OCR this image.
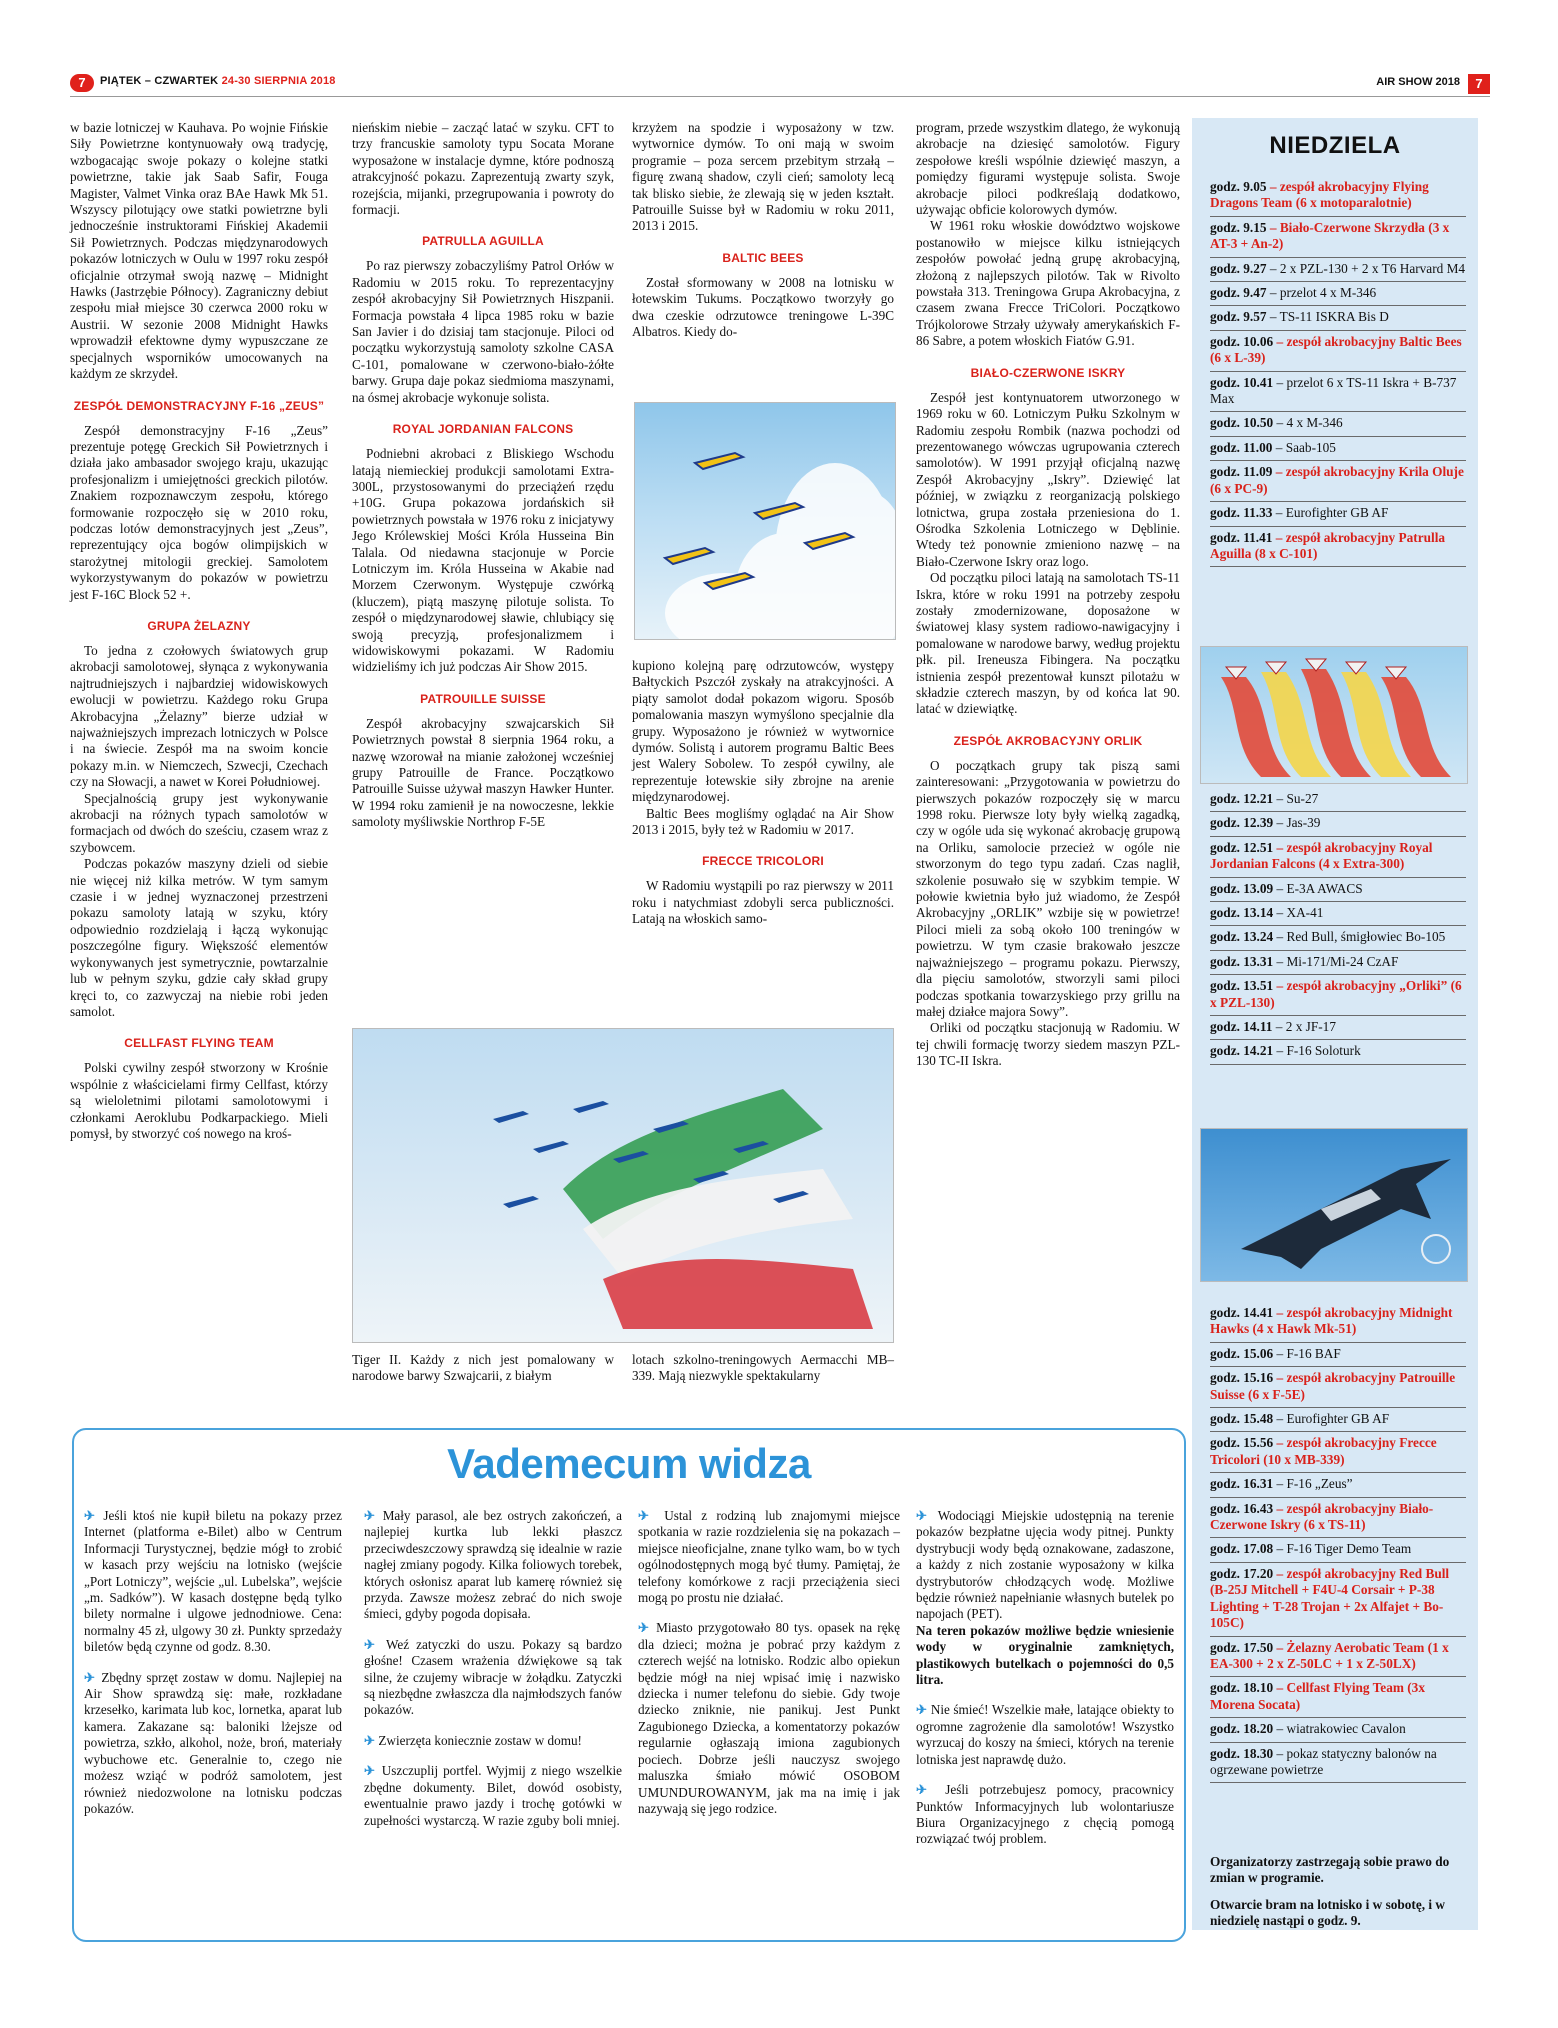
7	PIĄTEK – CZWARTEK 24-30 SIERPNIA 2018	AIR SHOW 2018	7

w bazie lotniczej w Kauhava. Po wojnie Fińskie Siły Powietrzne kontynuowały ową tradycję, wzbogacając swoje pokazy o kolejne statki powietrzne, takie jak Saab Safir, Fouga Magister, Valmet Vinka oraz BAe Hawk Mk 51. Wszyscy pilotujący owe statki powietrzne byli jednocześnie instruktorami Fińskiej Akademii Sił Powietrznych. Podczas międzynarodowych pokazów lotniczych w Oulu w 1997 roku zespół oficjalnie otrzymał swoją nazwę – Midnight Hawks (Jastrzębie Północy). Zagraniczny debiut zespołu miał miejsce 30 czerwca 2000 roku w Austrii. W sezonie 2008 Midnight Hawks wprowadził efektowne dymy wypuszczane ze specjalnych wsporników umocowanych na każdym ze skrzydeł.

ZESPÓŁ DEMONSTRACYJNY F-16 „ZEUS”

Zespół demonstracyjny F-16 „Zeus” prezentuje potęgę Greckich Sił Powietrznych i działa jako ambasador swojego kraju, ukazując profesjonalizm i umiejętności greckich pilotów. Znakiem rozpoznawczym zespołu, którego formowanie rozpoczęło się w 2010 roku, podczas lotów demonstracyjnych jest „Zeus”, reprezentujący ojca bogów olimpijskich w starożytnej mitologii greckiej. Samolotem wykorzystywanym do pokazów w powietrzu jest F-16C Block 52 +.

GRUPA ŻELAZNY

To jedna z czołowych światowych grup akrobacji samolotowej, słynąca z wykonywania najtrudniejszych i najbardziej widowiskowych ewolucji w powietrzu. Każdego roku Grupa Akrobacyjna „Żelazny” bierze udział w najważniejszych imprezach lotniczych w Polsce i na świecie. Zespół ma na swoim koncie pokazy m.in. w Niemczech, Szwecji, Czechach czy na Słowacji, a nawet w Korei Południowej.

Specjalnością grupy jest wykonywanie akrobacji na różnych typach samolotów w formacjach od dwóch do sześciu, czasem wraz z szybowcem.

Podczas pokazów maszyny dzieli od siebie nie więcej niż kilka metrów. W tym samym czasie i w jednej wyznaczonej przestrzeni pokazu samoloty latają w szyku, który odpowiednio rozdzielają i łączą wykonując poszczególne figury. Większość elementów wykonywanych jest symetrycznie, powtarzalnie lub w pełnym szyku, gdzie cały skład grupy kręci to, co zazwyczaj na niebie robi jeden samolot.

CELLFAST FLYING TEAM

Polski cywilny zespół stworzony w Krośnie wspólnie z właścicielami firmy Cellfast, którzy są wieloletnimi pilotami samolotowymi i członkami Aeroklubu Podkarpackiego. Mieli pomysł, by stworzyć coś nowego na kroś-

nieńskim niebie – zacząć latać w szyku. CFT to trzy francuskie samoloty typu Socata Morane wyposażone w instalacje dymne, które podnoszą atrakcyjność pokazu. Zaprezentują zwarty szyk, rozejścia, mijanki, przegrupowania i powroty do formacji.

PATRULLA AGUILLA

Po raz pierwszy zobaczyliśmy Patrol Orłów w Radomiu w 2015 roku. To reprezentacyjny zespół akrobacyjny Sił Powietrznych Hiszpanii. Formacja powstała 4 lipca 1985 roku w bazie San Javier i do dzisiaj tam stacjonuje. Piloci od początku wykorzystują samoloty szkolne CASA C-101, pomalowane w czerwono-biało-żółte barwy. Grupa daje pokaz siedmioma maszynami, na ósmej akrobacje wykonuje solista.

ROYAL JORDANIAN FALCONS

Podniebni akrobaci z Bliskiego Wschodu latają niemieckiej produkcji samolotami Extra-300L, przystosowanymi do przeciążeń rzędu +10G. Grupa pokazowa jordańskich sił powietrznych powstała w 1976 roku z inicjatywy Jego Królewskiej Mości Króla Husseina Bin Talala. Od niedawna stacjonuje w Porcie Lotniczym im. Króla Husseina w Akabie nad Morzem Czerwonym. Występuje czwórką (kluczem), piątą maszynę pilotuje solista. To zespół o międzynarodowej sławie, chlubiący się swoją precyzją, profesjonalizmem i widowiskowymi pokazami. W Radomiu widzieliśmy ich już podczas Air Show 2015.

PATROUILLE SUISSE

Zespół akrobacyjny szwajcarskich Sił Powietrznych powstał 8 sierpnia 1964 roku, a nazwę wzorował na mianie założonej wcześniej grupy Patrouille de France. Początkowo Patrouille Suisse używał maszyn Hawker Hunter. W 1994 roku zamienił je na nowoczesne, lekkie samoloty myśliwskie Northrop F-5E

krzyżem na spodzie i wyposażony w tzw. wytwornice dymów. To oni mają w swoim programie – poza sercem przebitym strzałą – figurę zwaną shadow, czyli cień; samoloty lecą tak blisko siebie, że zlewają się w jeden kształt. Patrouille Suisse był w Radomiu w roku 2011, 2013 i 2015.

BALTIC BEES

Został sformowany w 2008 na lotnisku w łotewskim Tukums. Początkowo tworzyły go dwa czeskie odrzutowce treningowe L-39C Albatros. Kiedy do-

kupiono kolejną parę odrzutowców, występy Bałtyckich Pszczół zyskały na atrakcyjności. A piąty samolot dodał pokazom wigoru. Sposób pomalowania maszyn wymyślono specjalnie dla grupy. Wyposażono je również w wytwornice dymów. Solistą i autorem programu Baltic Bees jest Walery Sobolew. To zespół cywilny, ale reprezentuje łotewskie siły zbrojne na arenie międzynarodowej.

Baltic Bees mogliśmy oglądać na Air Show 2013 i 2015, były też w Radomiu w 2017.

FRECCE TRICOLORI

W Radomiu wystąpili po raz pierwszy w 2011 roku i natychmiast zdobyli serca publiczności. Latają na włoskich samo-

program, przede wszystkim dlatego, że wykonują akrobacje na dziesięć samolotów. Figury zespołowe kreśli wspólnie dziewięć maszyn, a pomiędzy figurami występuje solista. Swoje akrobacje piloci podkreślają dodatkowo, używając obficie kolorowych dymów.

W 1961 roku włoskie dowództwo wojskowe postanowiło w miejsce kilku istniejących zespołów powołać jedną grupę akrobacyjną, złożoną z najlepszych pilotów. Tak w Rivolto powstała 313. Treningowa Grupa Akrobacyjna, z czasem zwana Frecce TriColori. Początkowo Trójkolorowe Strzały używały amerykańskich F-86 Sabre, a potem włoskich Fiatów G.91.

BIAŁO-CZERWONE ISKRY

Zespół jest kontynuatorem utworzonego w 1969 roku w 60. Lotniczym Pułku Szkolnym w Radomiu zespołu Rombik (nazwa pochodzi od prezentowanego wówczas ugrupowania czterech samolotów). W 1991 przyjął oficjalną nazwę Zespół Akrobacyjny „Iskry”. Dziewięć lat później, w związku z reorganizacją polskiego lotnictwa, grupa została przeniesiona do 1. Ośrodka Szkolenia Lotniczego w Dęblinie. Wtedy też ponownie zmieniono nazwę – na Biało-Czerwone Iskry oraz logo.

Od początku piloci latają na samolotach TS-11 Iskra, które w roku 1991 na potrzeby zespołu zostały zmodernizowane, doposażone w światowej klasy system radiowo-nawigacyjny i pomalowane w narodowe barwy, według projektu płk. pil. Ireneusza Fibingera. Na początku istnienia zespół prezentował kunszt pilotażu w składzie czterech maszyn, by od końca lat 90. latać w dziewiątkę.

ZESPÓŁ AKROBACYJNY ORLIK

O początkach grupy tak piszą sami zainteresowani: „Przygotowania w powietrzu do pierwszych pokazów rozpoczęły się w marcu 1998 roku. Pierwsze loty były wielką zagadką, czy w ogóle uda się wykonać akrobację grupową na Orliku, samolocie przecież w ogóle nie stworzonym do tego typu zadań. Czas naglił, szkolenie posuwało się w szybkim tempie. W połowie kwietnia było już wiadomo, że Zespół Akrobacyjny „ORLIK” wzbije się w powietrze! Piloci mieli za sobą około 100 treningów w powietrzu. W tym czasie brakowało jeszcze najważniejszego – programu pokazu. Pierwszy, dla pięciu samolotów, stworzyli sami piloci podczas spotkania towarzyskiego przy grillu na małej działce majora Sowy”.

Orliki od początku stacjonują w Radomiu. W tej chwili formację tworzy siedem maszyn PZL-130 TC-II Iskra.

Tiger II. Każdy z nich jest pomalowany w narodowe barwy Szwajcarii, z białym

lotach szkolno-treningowych Aermacchi MB–339. Mają niezwykle spektakularny

NIEDZIELA
godz. 9.05 – zespół akrobacyjny Flying Dragons Team (6 x motoparalotnie)
godz. 9.15 – Biało-Czerwone Skrzydła (3 x AT-3 + An-2)
godz. 9.27 – 2 x PZL-130 + 2 x T6 Harvard M4
godz. 9.47 – przelot 4 x M-346
godz. 9.57 – TS-11 ISKRA Bis D
godz. 10.06 – zespół akrobacyjny Baltic Bees (6 x L-39)
godz. 10.41 – przelot 6 x TS-11 Iskra + B-737 Max
godz. 10.50 – 4 x M-346
godz. 11.00 – Saab-105
godz. 11.09 – zespół akrobacyjny Krila Oluje (6 x PC-9)
godz. 11.33 – Eurofighter GB AF
godz. 11.41 – zespół akrobacyjny Patrulla Aguilla (8 x C-101)
godz. 12.21 – Su-27
godz. 12.39 – Jas-39
godz. 12.51 – zespół akrobacyjny Royal Jordanian Falcons (4 x Extra-300)
godz. 13.09 – E-3A AWACS
godz. 13.14 – XA-41
godz. 13.24 – Red Bull, śmigłowiec Bo-105
godz. 13.31 – Mi-171/Mi-24 CzAF
godz. 13.51 – zespół akrobacyjny „Orliki” (6 x PZL-130)
godz. 14.11 – 2 x JF-17
godz. 14.21 – F-16 Soloturk
godz. 14.41 – zespół akrobacyjny Midnight Hawks (4 x Hawk Mk-51)
godz. 15.06 – F-16 BAF
godz. 15.16 – zespół akrobacyjny Patrouille Suisse (6 x F-5E)
godz. 15.48 – Eurofighter GB AF
godz. 15.56 – zespół akrobacyjny Frecce Tricolori (10 x MB-339)
godz. 16.31 – F-16 „Zeus”
godz. 16.43 – zespół akrobacyjny Biało-Czerwone Iskry (6 x TS-11)
godz. 17.08 – F-16 Tiger Demo Team
godz. 17.20 – zespół akrobacyjny Red Bull (B-25J Mitchell + F4U-4 Corsair + P-38 Lighting + T-28 Trojan + 2x Alfajet + Bo-105C)
godz. 17.50 – Żelazny Aerobatic Team (1 x EA-300 + 2 x Z-50LC + 1 x Z-50LX)
godz. 18.10 – Cellfast Flying Team (3x Morena Socata)
godz. 18.20 – wiatrakowiec Cavalon
godz. 18.30 – pokaz statyczny balonów na ogrzewane powietrze
Organizatorzy zastrzegają sobie prawo do zmian w programie.
Otwarcie bram na lotnisko i w sobotę, i w niedzielę nastąpi o godz. 9.
Vademecum widza

✈ Jeśli ktoś nie kupił biletu na pokazy przez Internet (platforma e-Bilet) albo w Centrum Informacji Turystycznej, będzie mógł to zrobić w kasach przy wejściu na lotnisko (wejście „Port Lotniczy”, wejście „ul. Lubelska”, wejście „m. Sadków”). W kasach dostępne będą tylko bilety normalne i ulgowe jednodniowe. Cena: normalny 45 zł, ulgowy 30 zł. Punkty sprzedaży biletów będą czynne od godz. 8.30.

✈ Zbędny sprzęt zostaw w domu. Najlepiej na Air Show sprawdzą się: małe, rozkładane krzesełko, karimata lub koc, lornetka, aparat lub kamera. Zakazane są: baloniki lżejsze od powietrza, szkło, alkohol, noże, broń, materiały wybuchowe etc. Generalnie to, czego nie możesz wziąć w podróż samolotem, jest również niedozwolone na lotnisku podczas pokazów.

✈ Mały parasol, ale bez ostrych zakończeń, a najlepiej kurtka lub lekki płaszcz przeciwdeszczowy sprawdzą się idealnie w razie nagłej zmiany pogody. Kilka foliowych torebek, których osłonisz aparat lub kamerę również się przyda. Zawsze możesz zebrać do nich swoje śmieci, gdyby pogoda dopisała.

✈ Weź zatyczki do uszu. Pokazy są bardzo głośne! Czasem wrażenia dźwiękowe są tak silne, że czujemy wibracje w żołądku. Zatyczki są niezbędne zwłaszcza dla najmłodszych fanów pokazów.

✈ Zwierzęta koniecznie zostaw w domu!

✈ Uszczuplij portfel. Wyjmij z niego wszelkie zbędne dokumenty. Bilet, dowód osobisty, ewentualnie prawo jazdy i trochę gotówki w zupełności wystarczą. W razie zguby boli mniej.

✈ Ustal z rodziną lub znajomymi miejsce spotkania w razie rozdzielenia się na pokazach – miejsce nieoficjalne, znane tylko wam, bo w tych ogólnodostępnych mogą być tłumy. Pamiętaj, że telefony komórkowe z racji przeciążenia sieci mogą po prostu nie działać.

✈ Miasto przygotowało 80 tys. opasek na rękę dla dzieci; można je pobrać przy każdym z czterech wejść na lotnisko. Rodzic albo opiekun będzie mógł na niej wpisać imię i nazwisko dziecka i numer telefonu do siebie. Gdy twoje dziecko zniknie, nie panikuj. Jest Punkt Zagubionego Dziecka, a komentatorzy pokazów regularnie ogłaszają imiona zagubionych pociech. Dobrze jeśli nauczysz swojego maluszka śmiało mówić OSOBOM UMUNDUROWANYM, jak ma na imię i jak nazywają się jego rodzice.

✈ Wodociągi Miejskie udostępnią na terenie pokazów bezpłatne ujęcia wody pitnej. Punkty dystrybucji wody będą oznakowane, zadaszone, a każdy z nich zostanie wyposażony w kilka dystrybutorów chłodzących wodę. Możliwe będzie również napełnianie własnych butelek po napojach (PET).

Na teren pokazów możliwe będzie wniesienie wody w oryginalnie zamkniętych, plastikowych butelkach o pojemności do 0,5 litra.

✈ Nie śmieć! Wszelkie małe, latające obiekty to ogromne zagrożenie dla samolotów! Wszystko wyrzucaj do koszy na śmieci, których na terenie lotniska jest naprawdę dużo.

✈ Jeśli potrzebujesz pomocy, pracownicy Punktów Informacyjnych lub wolontariusze Biura Organizacyjnego z chęcią pomogą rozwiązać twój problem.
